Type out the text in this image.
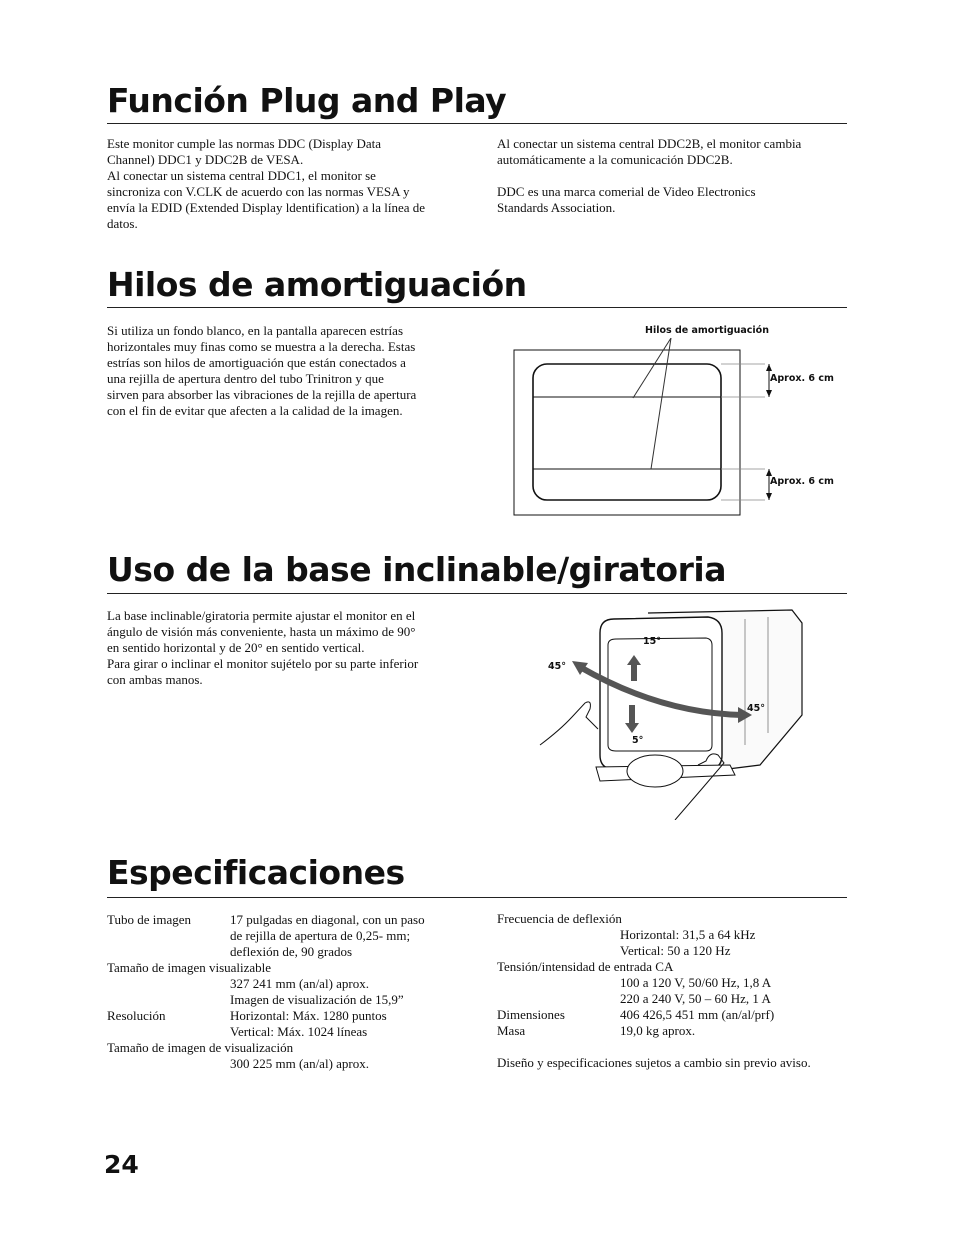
Función Plug and Play
Este monitor cumple las normas DDC (Display Data
Channel) DDC1 y DDC2B de VESA.
Al conectar un sistema central DDC1, el monitor se
sincroniza con V.CLK de acuerdo con las normas VESA y
envía la EDID (Extended Display ldentification) a la línea de
datos.
Al conectar un sistema central DDC2B, el monitor cambia
automáticamente a la comunicación DDC2B.
DDC es una marca comerial de Video Electronics
Standards Association.
Hilos de amortiguación
Si utiliza un fondo blanco, en la pantalla aparecen estrías
horizontales muy finas como se muestra a la derecha. Estas
estrías son hilos de amortiguación que están conectados a
una rejilla de apertura dentro del tubo Trinitron y que
sirven para absorber las vibraciones de la rejilla de apertura
con el fin de evitar que afecten a la calidad de la imagen.
Hilos de amortiguación
Aprox. 6 cm
Aprox. 6 cm
Uso de la base inclinable/giratoria
La base inclinable/giratoria permite ajustar el monitor en el
ángulo de visión más conveniente, hasta un máximo de 90°
en sentido horizontal y de 20° en sentido vertical.
Para girar o inclinar el monitor sujételo por su parte inferior
con ambas manos.
15°
45°
45°
5°
Especificaciones
Tubo de imagen	17 pulgadas en diagonal, con un paso
de rejilla de apertura de 0,25- mm;
deflexión de, 90 grados
Tamaño de imagen visualizable
327 241 mm (an/al) aprox.
Imagen de visualización de 15,9”
Resolución	Horizontal: Máx. 1280 puntos
Vertical: Máx. 1024 líneas
Tamaño de imagen de visualización
300 225 mm (an/al) aprox.
Frecuencia de deflexión
Horizontal: 31,5 a 64 kHz
Vertical: 50 a 120 Hz
Tensión/intensidad de entrada CA
100 a 120 V, 50/60 Hz, 1,8 A
220 a 240 V, 50 – 60 Hz, 1 A
Dimensiones	406 426,5 451 mm (an/al/prf)
Masa	19,0 kg aprox.
Diseño y especificaciones sujetos a cambio sin previo aviso.
24
